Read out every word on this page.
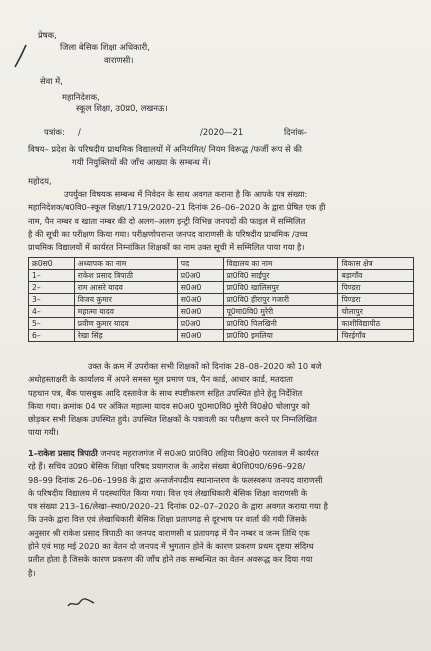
प्रेषक,
जिला बेसिक शिक्षा अधिकारी,
वाराणसी।
सेवा में,
महानिदेशक,
स्कूल शिक्षा, उ0प्र0, लखनऊ।
पत्रांक: /	/2020—21	दिनांक-
विषय– प्रदेश के परिषदीय प्राथमिक विद्यालयों में अनियमित/ नियम विरूद्ध /फर्जी रूप से की
गयी नियुक्तियों की जाँच आख्या के सम्बन्ध में।
महोदय,
उपर्युक्त विषयक सम्बन्ध में निवेदन के साथ अवगत कराना है कि आपके पत्र संख्या:
महानिदेशक/ब0वि0–स्कूल शिक्षा/1719/2020–21 दिनांक 26–06–2020 के द्वारा प्रेषित एक ही
नाम, पैन नम्बर व खाता नम्बर की दो अलग–अलग इन्ट्री विभिन्न जनपदों की फाइल में सम्मिलित
है की सूची का परीक्षण किया गया। परीक्षणोपरान्त जनपद वाराणसी के परिषदीय प्राथमिक /उच्च
प्राथमिक विद्यालयों में कार्यरत निम्नांकित शिक्षकों का नाम उक्त सूची में सम्मिलित पाया गया है।
क्र0स0	अध्यापक का नाम	पद	विद्यालय का नाम	विकास क्षेत्र
1–	राकेश प्रसाद त्रिपाठी	प्र0अ0	प्रा0वि0 साईंपुर	बड़ागाँव
2–	राम आसरे यादव	स0अ0	प्रा0वि0 खालिसपुर	पिण्डरा
3–	विजय कुमार	स0अ0	प्रा0वि0 हीरापुर गजारी	पिण्डरा
4–	महात्मा यादव	स0अ0	पू0मा0वि0 मुरेरी	चोलापुर
5–	प्रवीण कुमार यादव	प्र0अ0	प्रा0वि0 पिलखिनी	काशीविद्यापीठ
6–	रेखा सिंह	स0अ0	प्रा0वि0 इमलिया	चिरईगाँव
उक्त के क्रम में उपरोक्त सभी शिक्षकों को दिनांक 28–08–2020 को 10 बजे
अधोहस्ताक्षरी के कार्यालय में अपने समस्त मूल प्रमाण पत्र, पैन कार्ड, आधार कार्ड, मतदाता
पहचान पत्र, बैंक पासबुक आदि दस्तावेज के साथ स्पष्टीकरण सहित उपस्थित होने हेतु निर्देशित
किया गया। क्रमांक 04 पर अंकित महात्मा यादव स0अ0 पू0मा0वि0 मुरेरी वि0क्षे0 चोलापुर को
छोड़कर सभी शिक्षक उपस्थित हुये। उपस्थित शिक्षकों के पत्रावली का परीक्षण करने पर निम्नलिखित
पाया गयी।
1–राकेश प्रसाद त्रिपाठी जनपद महराजगंज में स0अ0 प्रा0वि0 लहिया वि0क्षे0 परतावल में कार्यरत
रहे हैं। सचिव उ0प्र0 बेसिक शिक्षा परिषद प्रयागराज के आदेश संख्या बे0शि0प0/696–928/
98–99 दिनांक 26–06–1998 के द्वारा अन्तर्जनपदीय स्थानान्तरण के फलस्वरूप जनपद वाराणसी
के परिषदीय विद्यालय में पदस्थापित किया गया। वित्त एवं लेखाधिकारी बेसिक शिक्षा वाराणसी के
पत्र संख्या 213–16/लेखा–स्था0/2020–21 दिनांक 02–07–2020 के द्वारा अवगत कराया गया है
कि उनके द्वारा वित्त एवं लेखाधिकारी बेसिक शिक्षा प्रतापगढ़ से दूरभाष पर वार्ता की गयी जिसके
अनुसार श्री राकेश प्रसाद त्रिपाठी का जनपद वाराणसी व प्रतापगढ़ में पैन नम्बर व जन्म तिथि एक
होने एवं माह मई 2020 का वेतन दो जनपद में भुगतान होने के कारण प्रकरण प्रथम दृष्टया संदिग्ध
प्रतीत होता है जिसके कारण प्रकरण की जाँच होने तक सम्बन्धित का वेतन अवरूद्ध कर दिया गया
है।
